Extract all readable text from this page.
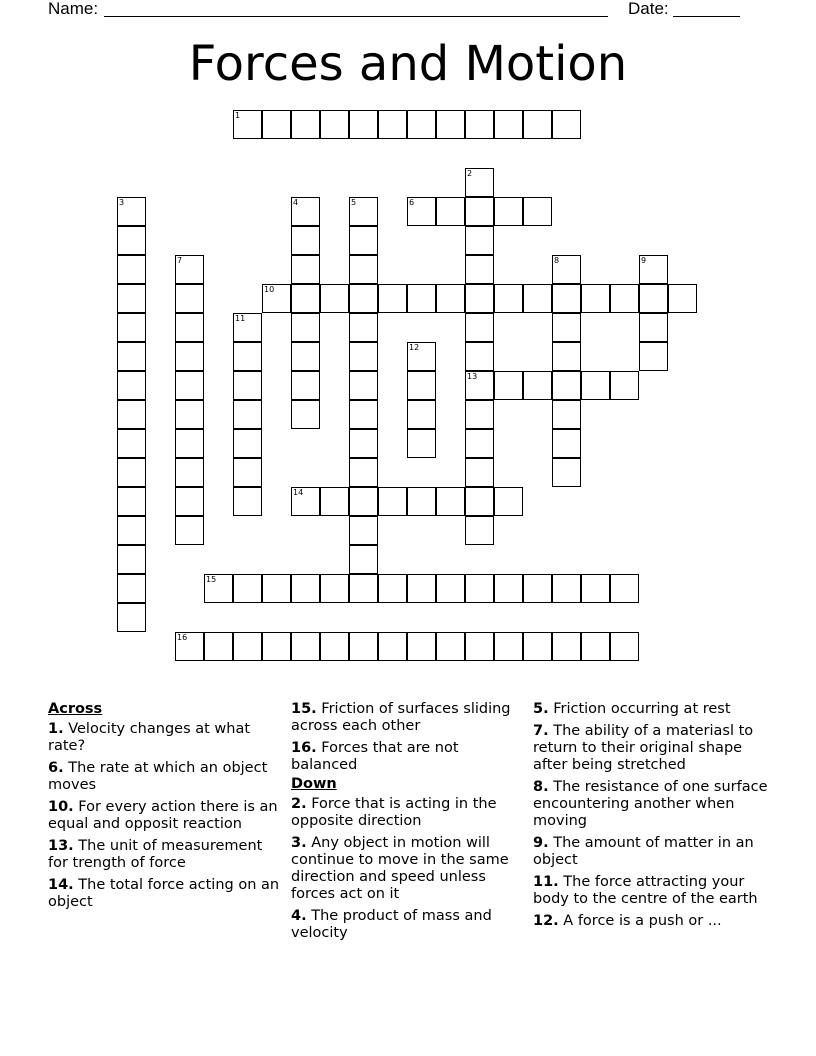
Name:	Date:
Forces and Motion
1
2
13
3	4	5	6
7	8	9
10
11
12
14
15
16
Across
1. Velocity changes at what rate?
6. The rate at which an object moves
10. For every action there is an equal and opposit reaction
13. The unit of measurement for trength of force
14. The total force acting on an object
15. Friction of surfaces sliding across each other
16. Forces that are not balanced
Down
2. Force that is acting in the opposite direction
3. Any object in motion will continue to move in the same direction and speed unless forces act on it
4. The product of mass and velocity
5. Friction occurring at rest
7. The ability of a materiasl to return to their original shape after being stretched
8. The resistance of one surface encountering another when moving
9. The amount of matter in an object
11. The force attracting your body to the centre of the earth
12. A force is a push or ...
